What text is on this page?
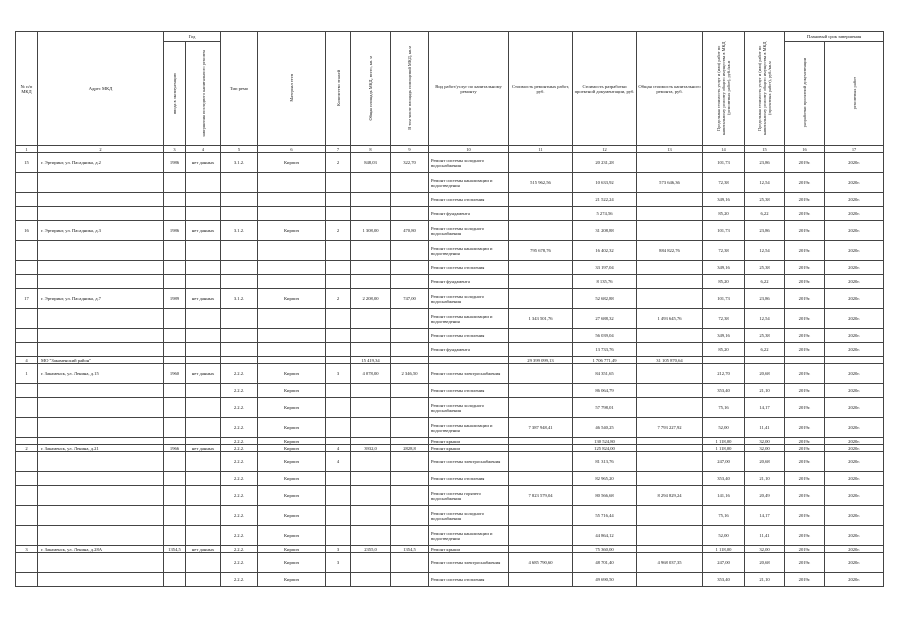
№ п/п МКД	Адрес МКД	Год		Тип ремо	Материал стен	Количество этажей	Общая площадь МКД, всего, кв. м	В том числе площадь помещений МКД, кв.м	Вид работ/услуг по капитальному ремонту	Стоимость ремонтных работ, руб.	Стоимость разработки проектной документации, руб.	Общая стоимость капитального ремонта, руб.	Предельная стоимость услуг и (или) работ по капитальному ремонту общего имущества в МКД (ремонтных работ), руб./кв.м	Предельная стоимость услуг и (или) работ по капитальному ремонту общего имущества в МКД (проектных работ), руб./кв.м	Плановый срок завершения	
		ввода в эксплуатацию	завершения последнего капитального ремонта												разработки проектной документации	ремонтных работ
1	2	3	4	5	6	7	8	9	10	11	12	13	14	15	16	17
15	г. Эртиринг, ул. Пасадника, д.2	1986	нет данных	3.1.2.	Кирпич	2	848,03	322,70	Ремонт системы холодного водоснабжения		20 231,28		101,73	23,86	2019г.	2020г.
									Ремонт системы канализации и водоотведения	515 962,56	10 633,92	573 646,36	72,38	12,54	2019г.	2020г.
									Ремонт системы отопления		21 522,24		349,16	25,38	2019г.	2020г.
									Ремонт фундамента		5 274,56		85,20	6,22	2019г.	2020г.
16	г. Эртиринг, ул. Пасадника, д.3	1986	нет данных	3.1.2.	Кирпич	2	1 308,00	470,80	Ремонт системы холодного водоснабжения		31 208,88		101,73	23,86	2019г.	2020г.
									Ремонт системы канализации и водоотведения	795 678,76	16 402,32	884 822,76	72,38	12,54	2019г.	2020г.
									Ремонт системы отопления		33 197,04		349,16	25,38	2019г.	2020г.
									Ремонт фундамента		8 135,76		85,20	6,22	2019г.	2020г.
17	г. Эртиринг, ул. Пасадника, д.7	1989	нет данных	3.1.2.	Кирпич	2	2 208,00	747,00	Ремонт системы холодного водоснабжения		52 682,88		101,73	23,86	2019г.	2020г.
									Ремонт системы канализации и водоотведения	1 343 501,76	27 688,32	1 493 645,76	72,38	12,54	2019г.	2020г.
									Ремонт системы отопления		56 039,04		349,16	25,38	2019г.	2020г.
									Ремонт фундамента		13 733,76		85,20	6,22	2019г.	2020г.
4	МО "Закаменский район"						15 419,34			29 399 099,13	1 706 771,49	31 105 870,64				
1	г. Закаменск, ул. Ленина, д.15	1960	нет данных	2.2.2.	Кирпич	3	4 078,00	2 346,50	Ремонт системы электроснабжения		84 351,65		212,70	20,68	2019г.	2020г.
				2.2.2.	Кирпич				Ремонт системы отопления		86 064,79		353,40	21,10	2019г.	2020г.
				2.2.2.	Кирпич				Ремонт системы холодного водоснабжения		57 798,01		75,16	14,17	2019г.	2020г.
				2.2.2.	Кирпич				Ремонт системы канализации и водоотведения	7 387 948,41	46 540,25	7 793 227,92	52,00	11,41	2019г.	2020г.
				2.2.2.	Кирпич				Ремонт крыши		130 524,80		1 118,00	32,00	2019г.	2020г.
2	г. Закаменск, ул. Ленина, д.21	1966	нет данных	2.2.2.	Кирпич	4	3932,0	2828,8	Ремонт крыши		125 824,00		1 118,00	32,00	2019г.	2020г.
				2.2.2.	Кирпич	4			Ремонт системы электроснабжения		81 313,76		247,00	20,68	2019г.	2020г.
				2.2.2.	Кирпич				Ремонт системы отопления		82 965,20		353,40	21,10	2019г.	2020г.
				2.2.2.	Кирпич				Ремонт системы горячего водоснабжения	7 823 579,04	80 566,68	8 294 829,24	141,16	20,49	2019г.	2020г.
				2.2.2.	Кирпич				Ремонт системы холодного водоснабжения		55 716,44		75,16	14,17	2019г.	2020г.
				2.2.2.	Кирпич				Ремонт системы канализации и водоотведения		44 864,12		52,00	11,41	2019г.	2020г.
3	г. Закаменск, ул. Ленина, д.28А	1354,5	нет данных	2.2.2.	Кирпич	3	2355,0	1354,5	Ремонт крыши		75 360,00		1 118,00	32,00	2019г.	2020г.
				2.2.2.	Кирпич	3			Ремонт системы электроснабжения	4 685 790,60	48 701,40	4 968 037,35	247,00	20,68	2019г.	2020г.
				2.2.2.	Кирпич				Ремонт системы отопления		49 690,50		353,40	21,10	2019г.	2020г.
